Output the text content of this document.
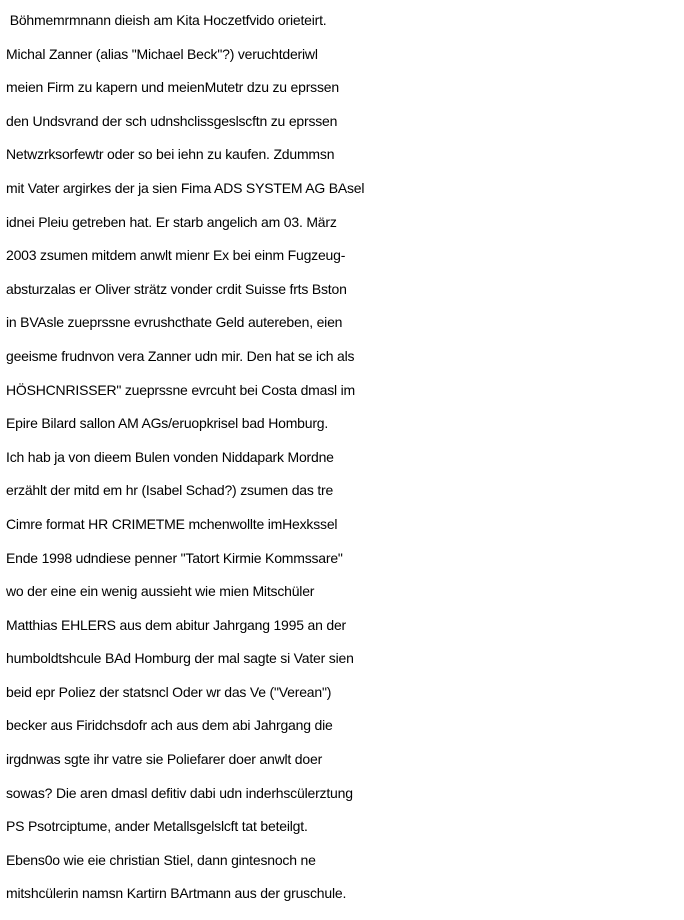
Böhmemrmnann dieish am Kita Hoczetfvido orieteirt.
Michal Zanner (alias "Michael Beck"?) veruchtderiwl
meien Firm zu kapern und meienMutetr dzu zu eprssen
den Undsvrand der sch udnshclissgeslscftn zu eprssen
Netwzrksorfewtr oder so bei iehn zu kaufen. Zdummsn
mit Vater argirkes der ja sien Fima ADS SYSTEM AG BAsel
idnei Pleiu getreben hat. Er starb angelich am 03. März
2003 zsumen mitdem anwlt mienr Ex bei einm Fugzeug-
absturzalas er Oliver strätz vonder crdit Suisse frts Bston
in BVAsle zueprssne evrushcthate Geld autereben, eien
geeisme frudnvon vera Zanner udn mir. Den hat se ich als
HÖSHCNRISSER" zueprssne evrcuht bei Costa dmasl im
Epire Bilard sallon AM AGs/eruopkrisel bad Homburg.
Ich hab ja von dieem Bulen vonden Niddapark Mordne
erzählt der mitd em hr (Isabel Schad?) zsumen das tre
Cimre format HR CRIMETME mchenwollte imHexkssel
Ende 1998 udndiese penner "Tatort Kirmie Kommssare"
wo der eine ein wenig aussieht wie mien Mitschüler
Matthias EHLERS aus dem abitur Jahrgang 1995 an der
humboldtshcule BAd Homburg der mal sagte si Vater sien
beid epr Poliez der statsncl Oder wr das Ve ("Verean")
becker aus Firidchsdofr ach aus dem abi Jahrgang die
irgdnwas sgte ihr vatre sie Poliefarer doer anwlt doer
sowas? Die aren dmasl defitiv dabi udn inderhscülerztung
PS Psotrciptume, ander Metallsgelslcft tat beteilgt.
Ebens0o wie eie christian Stiel, dann gintesnoch ne
mitshcülerin namsn Kartirn BArtmann aus der gruschule.
